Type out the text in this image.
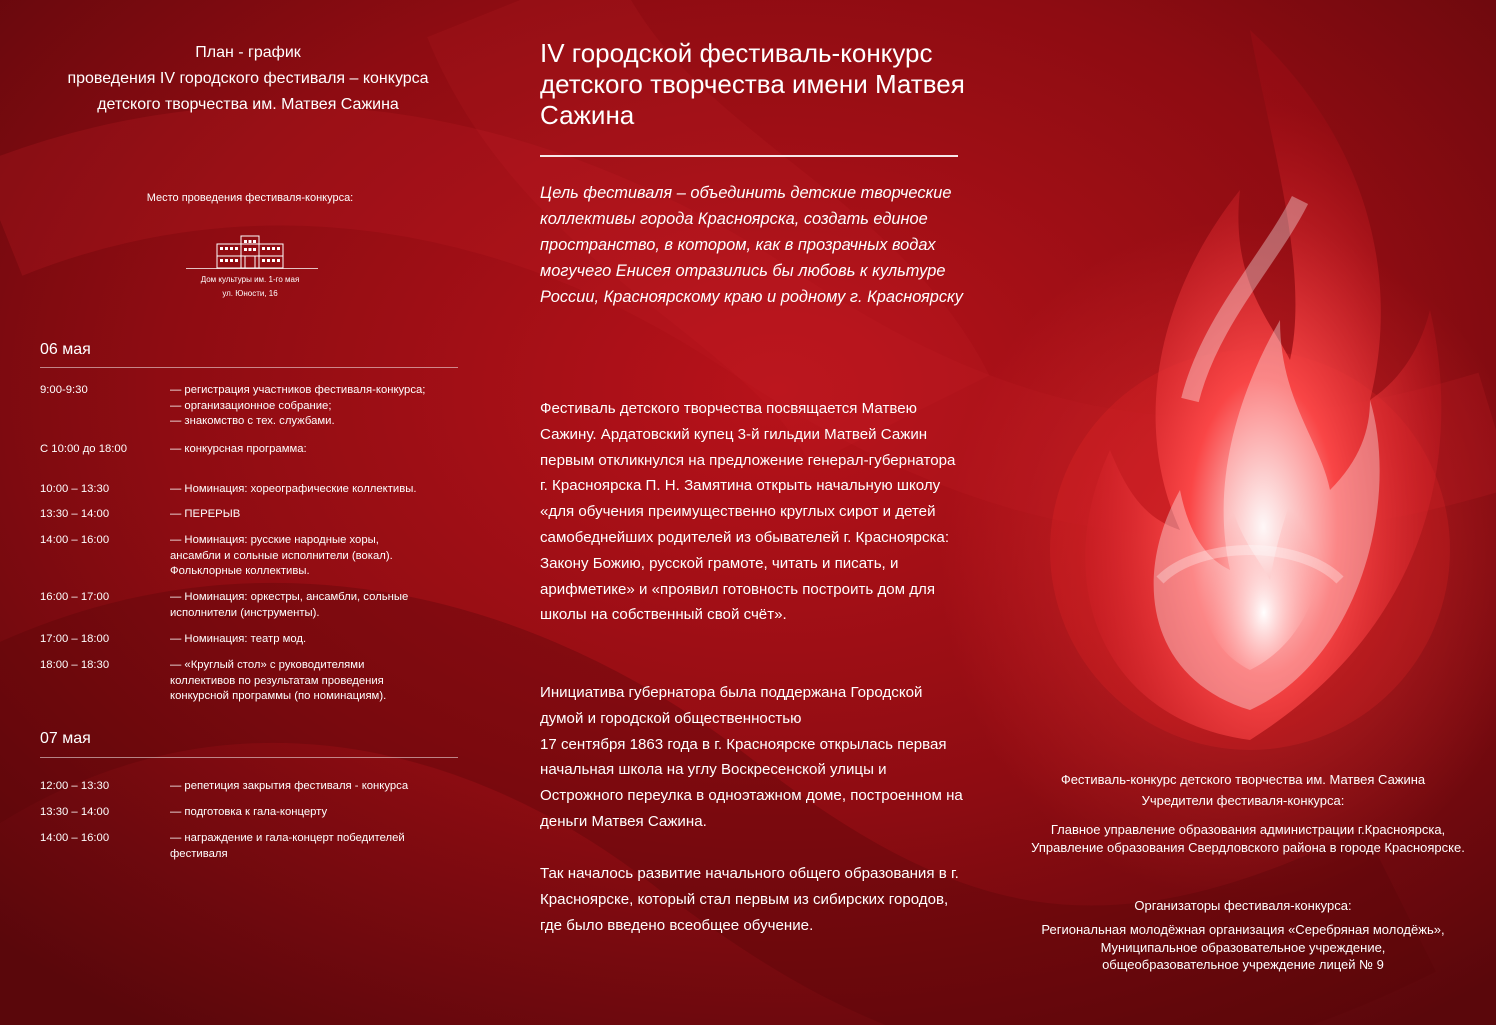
План - график
проведения IV городского фестиваля – конкурса
детского творчества им. Матвея Сажина
Место проведения фестиваля-конкурса:
Дом культуры им. 1-го мая
ул. Юности, 16
06 мая
9:00-9:30	— регистрация участников фестиваля-конкурса;
— организационное собрание;
— знакомство с тех. службами.
С 10:00 до 18:00	— конкурсная программа:
10:00 – 13:30	— Номинация: хореографические коллективы.
13:30 – 14:00	— ПЕРЕРЫВ
14:00 – 16:00	— Номинация: русские народные хоры,
ансамбли и сольные исполнители (вокал).
Фольклорные коллективы.
16:00 – 17:00	— Номинация: оркестры, ансамбли, сольные
исполнители (инструменты).
17:00 – 18:00	— Номинация: театр мод.
18:00 – 18:30	— «Круглый стол» с руководителями
коллективов по результатам проведения
конкурсной программы (по номинациям).
07 мая
12:00 – 13:30	— репетиция закрытия фестиваля - конкурса
13:30 – 14:00	— подготовка к гала-концерту
14:00 – 16:00	— награждение и гала-концерт победителей
фестиваля
IV городской фестиваль-конкурс детского творчества имени Матвея Сажина
Цель фестиваля – объединить детские творческие коллективы города Красноярска, создать единое пространство, в котором, как в прозрачных водах могучего Енисея отразились бы любовь к культуре России, Красноярскому краю и родному г. Красноярску
Фестиваль детского творчества посвящается Матвею Сажину. Ардатовский купец 3-й гильдии Матвей Сажин первым откликнулся на предложение генерал-губернатора г. Красноярска П. Н. Замятина открыть начальную школу «для обучения преимущественно круглых сирот и детей самобеднейших родителей из обывателей г. Красноярска: Закону Божию, русской грамоте, читать и писать, и арифметике» и «проявил готовность построить дом для школы на собственный свой счёт».
Инициатива губернатора была поддержана Городской думой и городской общественностью
17 сентября 1863 года в г. Красноярске открылась первая начальная школа на углу Воскресенской улицы и Острожного переулка в одноэтажном доме, построенном на деньги Матвея Сажина.
Так началось развитие начального общего образования в г. Красноярске, который стал первым из сибирских городов, где было введено всеобщее обучение.
Фестиваль-конкурс детского творчества им. Матвея Сажина
Учредители фестиваля-конкурса:
Главное управление образования администрации г.Красноярска, Управление образования Свердловского района в городе Красноярске.
Организаторы фестиваля-конкурса:
Региональная молодёжная организация «Серебряная молодёжь», Муниципальное образовательное учреждение, общеобразовательное учреждение лицей № 9
